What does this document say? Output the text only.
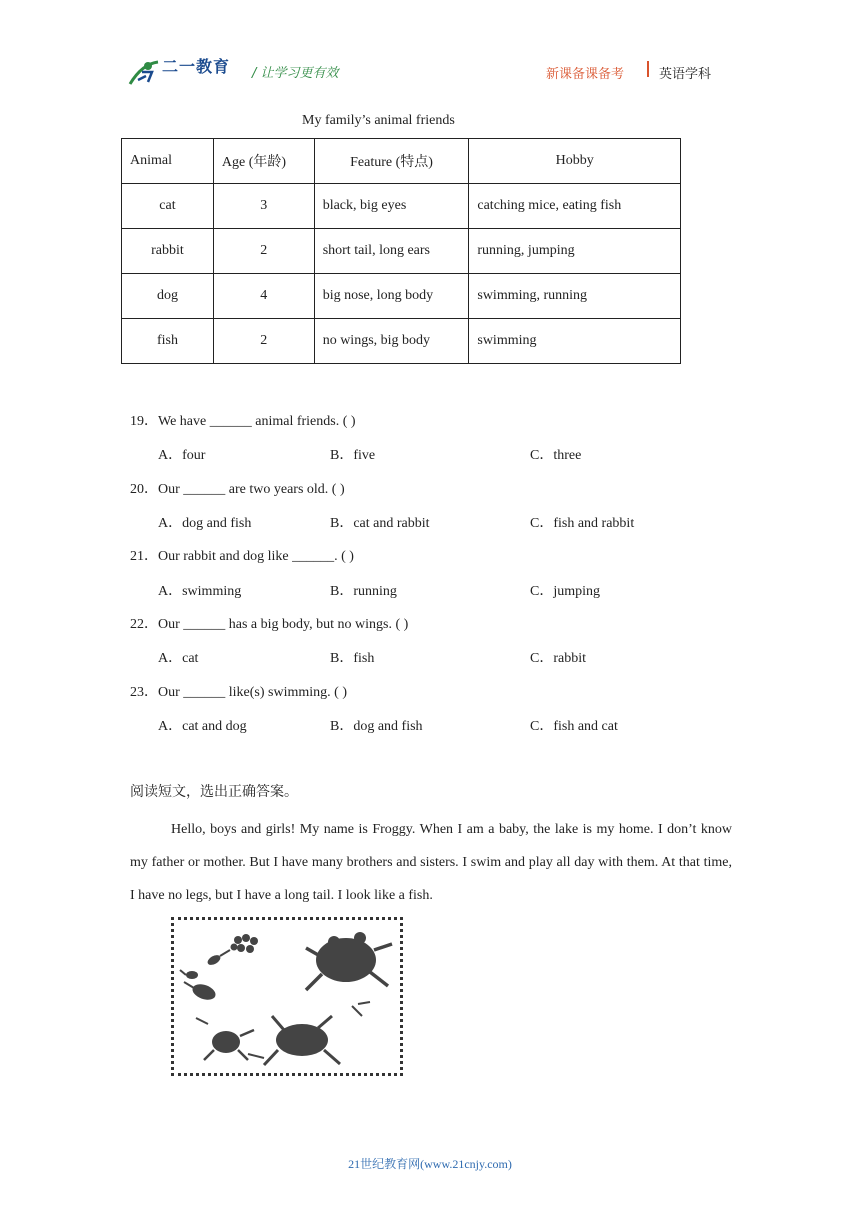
二一教育 / 让学习更有效	新课备课备考	英语学科
My family’s animal friends
Animal	Age (年龄)	Feature (特点)	Hobby
cat	3	black, big eyes	catching mice, eating fish
rabbit	2	short tail, long ears	running, jumping
dog	4	big nose, long body	swimming, running
fish	2	no wings, big body	swimming
19．We have ______ animal friends. ( )
A．four	B．five	C．three
20．Our ______ are two years old. ( )
A．dog and fish	B．cat and rabbit	C．fish and rabbit
21．Our rabbit and dog like ______. ( )
A．swimming	B．running	C．jumping
22．Our ______ has a big body, but no wings. ( )
A．cat	B．fish	C．rabbit
23．Our ______ like(s) swimming. ( )
A．cat and dog	B．dog and fish	C．fish and cat
阅读短文，选出正确答案。
Hello, boys and girls! My name is Froggy. When I am a baby, the lake is my home. I don’t know my father or mother. But I have many brothers and sisters. I swim and play all day with them. At that time, I have no legs, but I have a long tail. I look like a fish.
21世纪教育网(www.21cnjy.com)
